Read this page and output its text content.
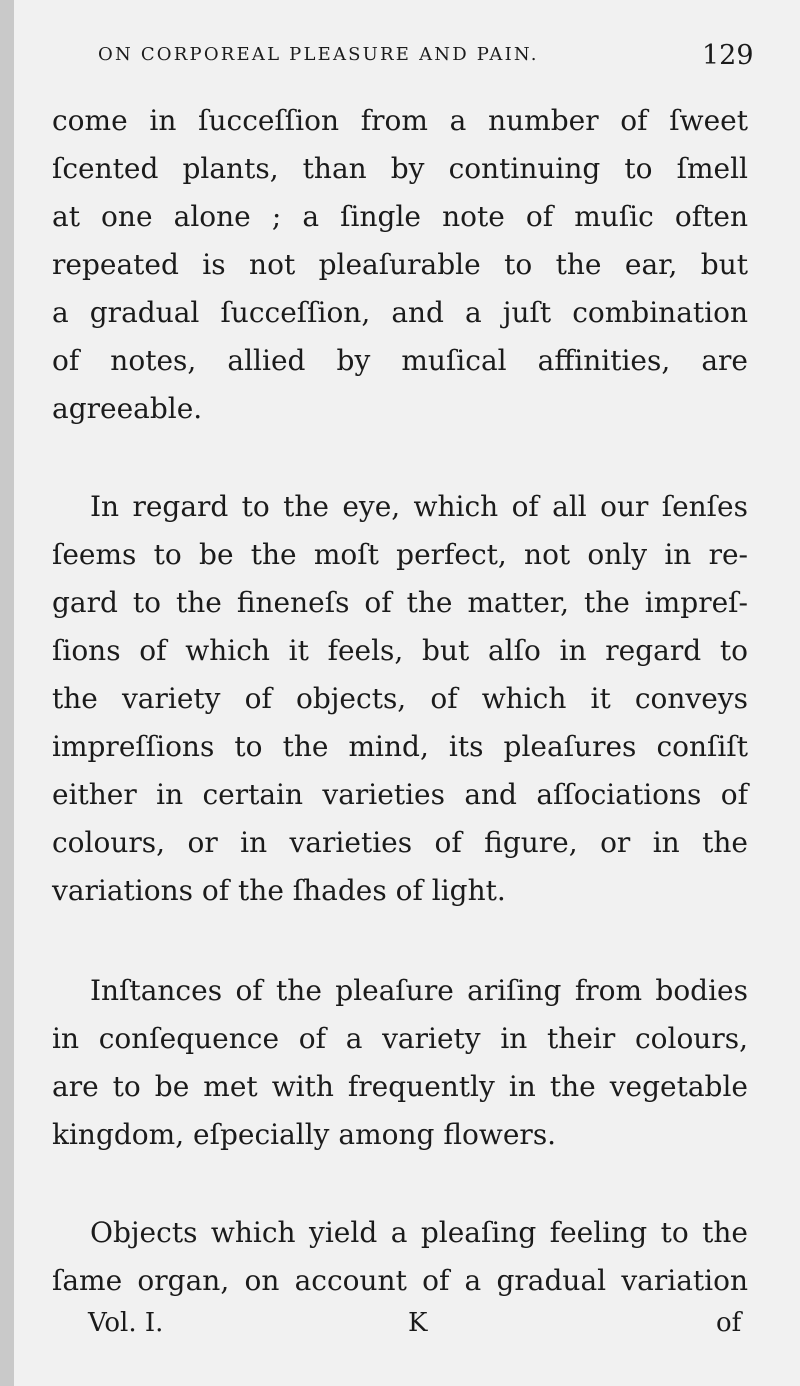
ON CORPOREAL PLEASURE AND PAIN.	129
come in ſucceſſion from a number of ſweet
ſcented plants, than by continuing to ſmell
at one alone ; a ſingle note of muſic often
repeated is not pleaſurable to the ear, but
a gradual ſucceſſion, and a juſt combination
of notes, allied by muſical affinities, are
agreeable.
In regard to the eye, which of all our ſenſes
ſeems to be the moſt perfect, not only in re-
gard to the fineneſs of the matter, the impreſ-
ſions of which it feels, but alſo in regard to
the variety of objects, of which it conveys
impreſſions to the mind, its pleaſures conſiſt
either in certain varieties and aſſociations of
colours, or in varieties of figure, or in the
variations of the ſhades of light.
Inſtances of the pleaſure ariſing from bodies
in conſequence of a variety in their colours,
are to be met with frequently in the vegetable
kingdom, eſpecially among flowers.
Objects which yield a pleaſing feeling to the
ſame organ, on account of a gradual variation
Vol. I.	K	of
